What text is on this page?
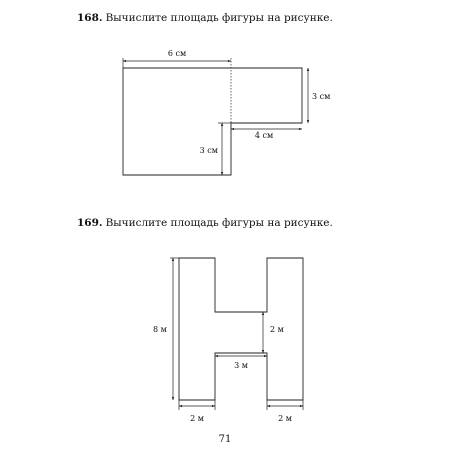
168. Вычислите площадь фигуры на рисунке.
169. Вычислите площадь фигуры на рисунке.
6 см
3 см
4 см
3 см
8 м	2 м
3 м
2 м	2 м
71
